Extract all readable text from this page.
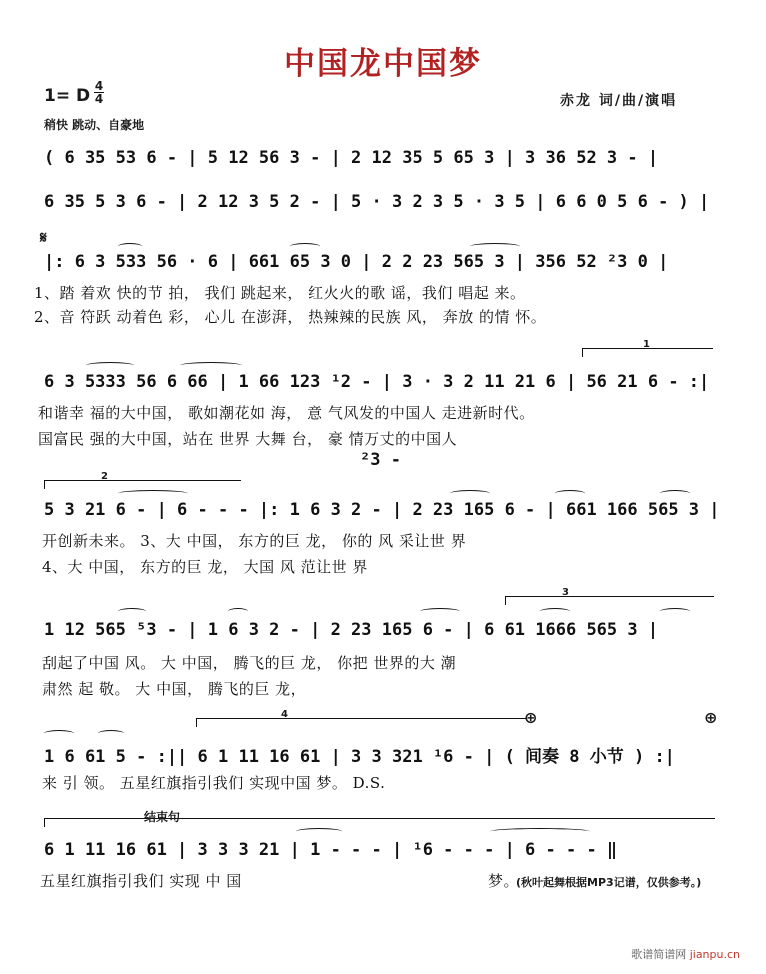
中国龙中国梦
1= D 4
4
稍快 跳动、自豪地
赤龙 词/曲/演唱
( 6 35 53 6 - | 5 12 56 3 - | 2 12 35 5 65 3 | 3 36 52 3 - |
6 35 5 3 6 - | 2 12 3 5 2 - | 5 · 3 2 3 5 · 3 5 | 6 6 0 5 6 - ) |
𝄋
|: 6 3 533 56 · 6 | 661 65 3 0 | 2 2 23 565 3 | 356 52 ²3 0 |
1、踏 着欢 快的节 拍， 我们 跳起来， 红火火的歌 谣，我们 唱起 来。
2、音 符跃 动着色 彩， 心儿 在澎湃， 热辣辣的民族 风， 奔放 的情 怀。
1
6 3 5333 56 6 66 | 1 66 123 ¹2 - | 3 · 3 2 11 21 6 | 56 21 6 - :|
和谐幸 福的大中国， 歌如潮花如 海， 意 气风发的中国人 走进新时代。
国富民 强的大中国，站在 世界 大舞 台， 豪 情万丈的中国人
²3 -
2
5 3 21 6 - | 6 - - - |: 1 6 3 2 - | 2 23 165 6 - | 661 166 565 3 |
开创新未来。 3、大 中国， 东方的巨 龙， 你的 风 采让世 界
4、大 中国， 东方的巨 龙， 大国 风 范让世 界
3
1 12 565 ⁵3 - | 1 6 3 2 - | 2 23 165 6 - | 6 61 1666 565 3 |
刮起了中国 风。 大 中国， 腾飞的巨 龙， 你把 世界的大 潮
肃然 起 敬。 大 中国， 腾飞的巨 龙，
4	⊕	⊕
1 6 61 5 - :|| 6 1 11 16 61 | 3 3 321 ¹6 - | ( 间奏 8 小节 ) :|
来 引 领。 五星红旗指引我们 实现中国 梦。 D.S.
结束句
6 1 11 16 61 | 3 3 3 21 | 1 - - - | ¹6 - - - | 6 - - - ‖
五星红旗指引我们 实现 中 国	梦。
(秋叶起舞根据MP3记谱，仅供参考。)
歌谱简谱网 jianpu.cn
